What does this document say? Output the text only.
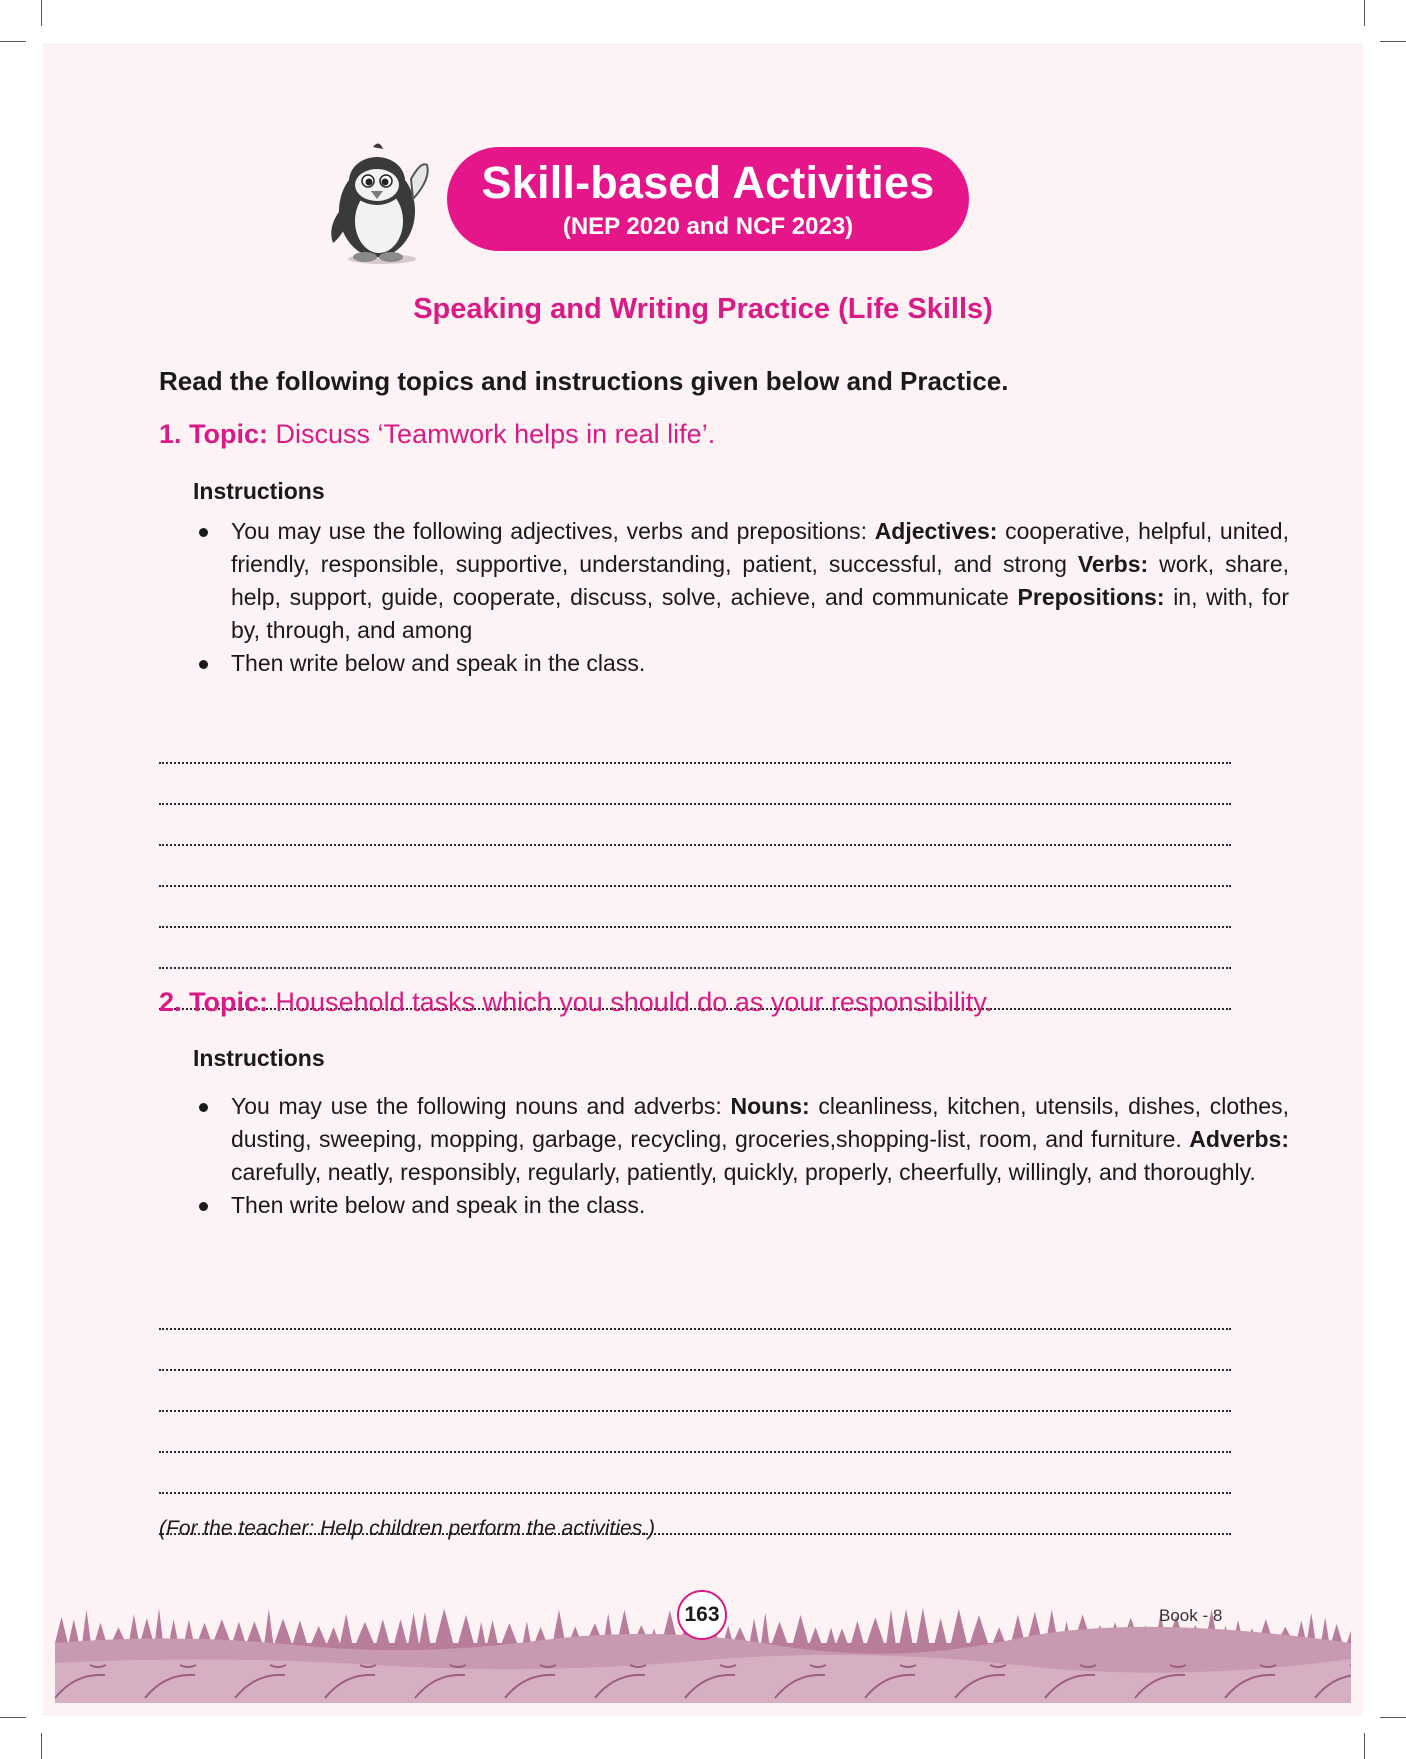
Skill-based Activities
(NEP 2020 and NCF 2023)
Speaking and Writing Practice (Life Skills)
Read the following topics and instructions given below and Practice.
1. Topic: Discuss ‘Teamwork helps in real life’.
Instructions
You may use the following adjectives, verbs and prepositions: Adjectives: cooperative, helpful, united, friendly, responsible, supportive, understanding, patient, successful, and strong Verbs: work, share, help, support, guide, cooperate, discuss, solve, achieve, and communicate Prepositions: in, with, for by, through, and among
Then write below and speak in the class.
2. Topic: Household tasks which you should do as your responsibility.
Instructions
You may use the following nouns and adverbs: Nouns: cleanliness, kitchen, utensils, dishes, clothes, dusting, sweeping, mopping, garbage, recycling, groceries,shopping-list, room, and furniture. Adverbs: carefully, neatly, responsibly, regularly, patiently, quickly, properly, cheerfully, willingly, and thoroughly.
Then write below and speak in the class.
(For the teacher: Help children perform the activities.)
163	Book - 8
